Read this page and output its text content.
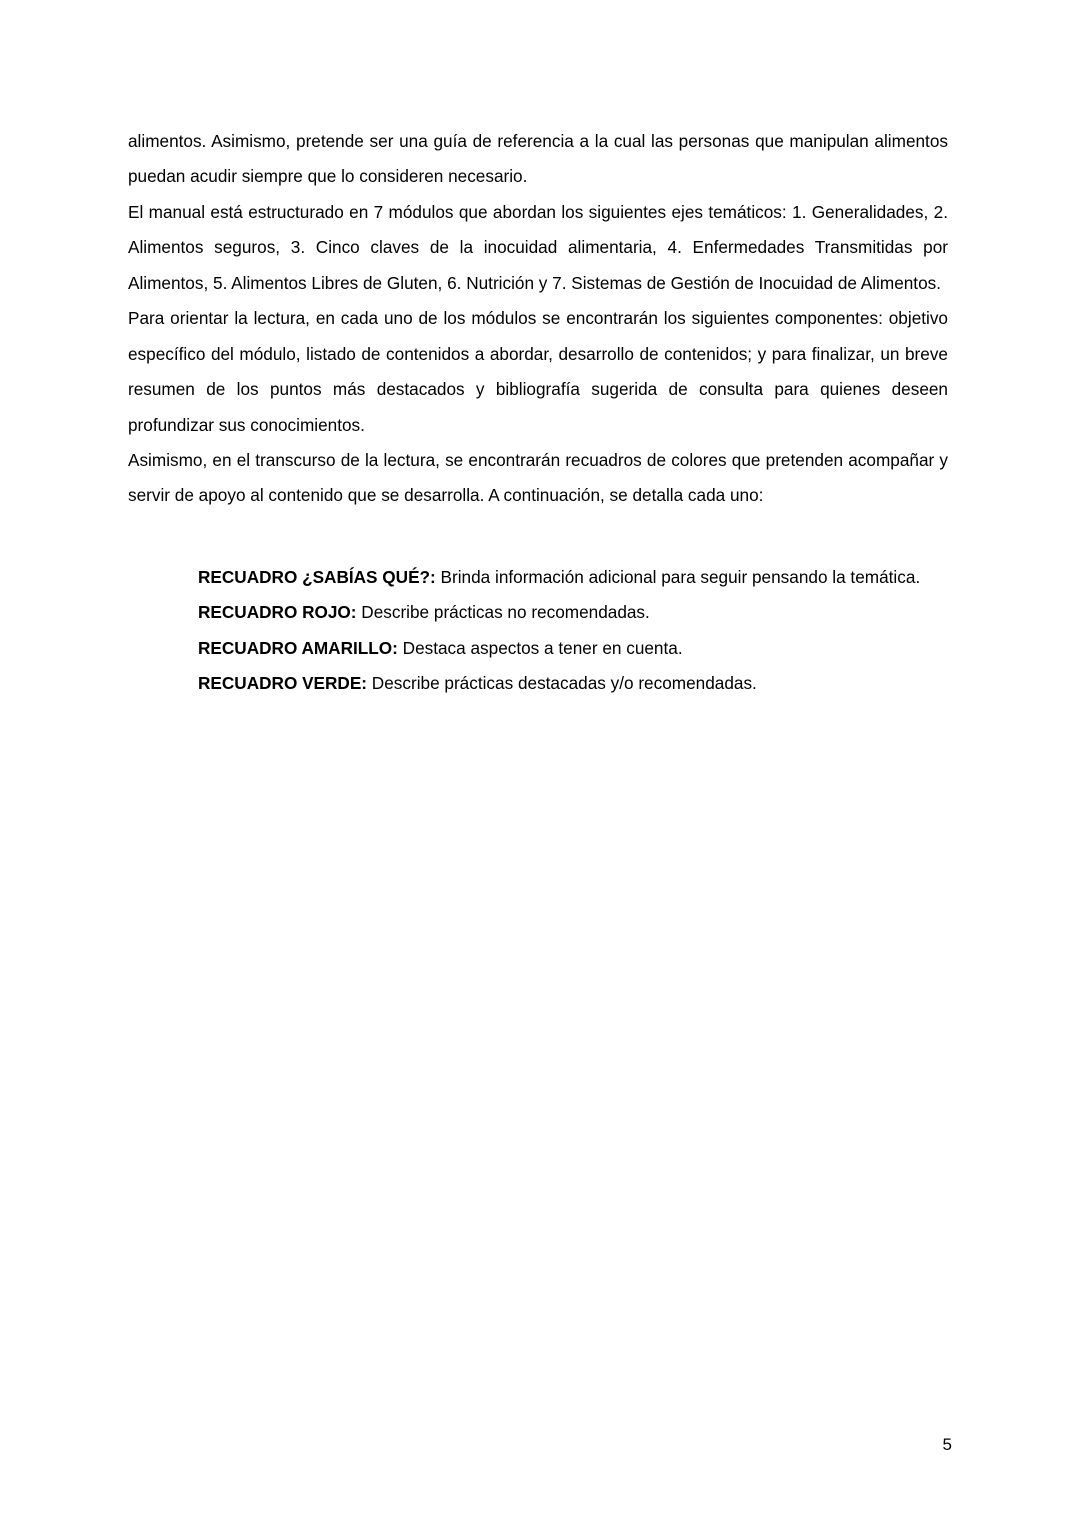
alimentos. Asimismo, pretende ser una guía de referencia a la cual las personas que manipulan alimentos puedan acudir siempre que lo consideren necesario.

El manual está estructurado en 7 módulos que abordan los siguientes ejes temáticos: 1. Generalidades, 2. Alimentos seguros, 3. Cinco claves de la inocuidad alimentaria, 4. Enfermedades Transmitidas por Alimentos, 5. Alimentos Libres de Gluten, 6. Nutrición y 7. Sistemas de Gestión de Inocuidad de Alimentos.

Para orientar la lectura, en cada uno de los módulos se encontrarán los siguientes componentes: objetivo específico del módulo, listado de contenidos a abordar, desarrollo de contenidos; y para finalizar, un breve resumen de los puntos más destacados y bibliografía sugerida de consulta para quienes deseen profundizar sus conocimientos.

Asimismo, en el transcurso de la lectura, se encontrarán recuadros de colores que pretenden acompañar y servir de apoyo al contenido que se desarrolla. A continuación, se detalla cada uno:

RECUADRO ¿SABÍAS QUÉ?: Brinda información adicional para seguir pensando la temática.
RECUADRO ROJO: Describe prácticas no recomendadas.
RECUADRO AMARILLO: Destaca aspectos a tener en cuenta.
RECUADRO VERDE: Describe prácticas destacadas y/o recomendadas.
5
